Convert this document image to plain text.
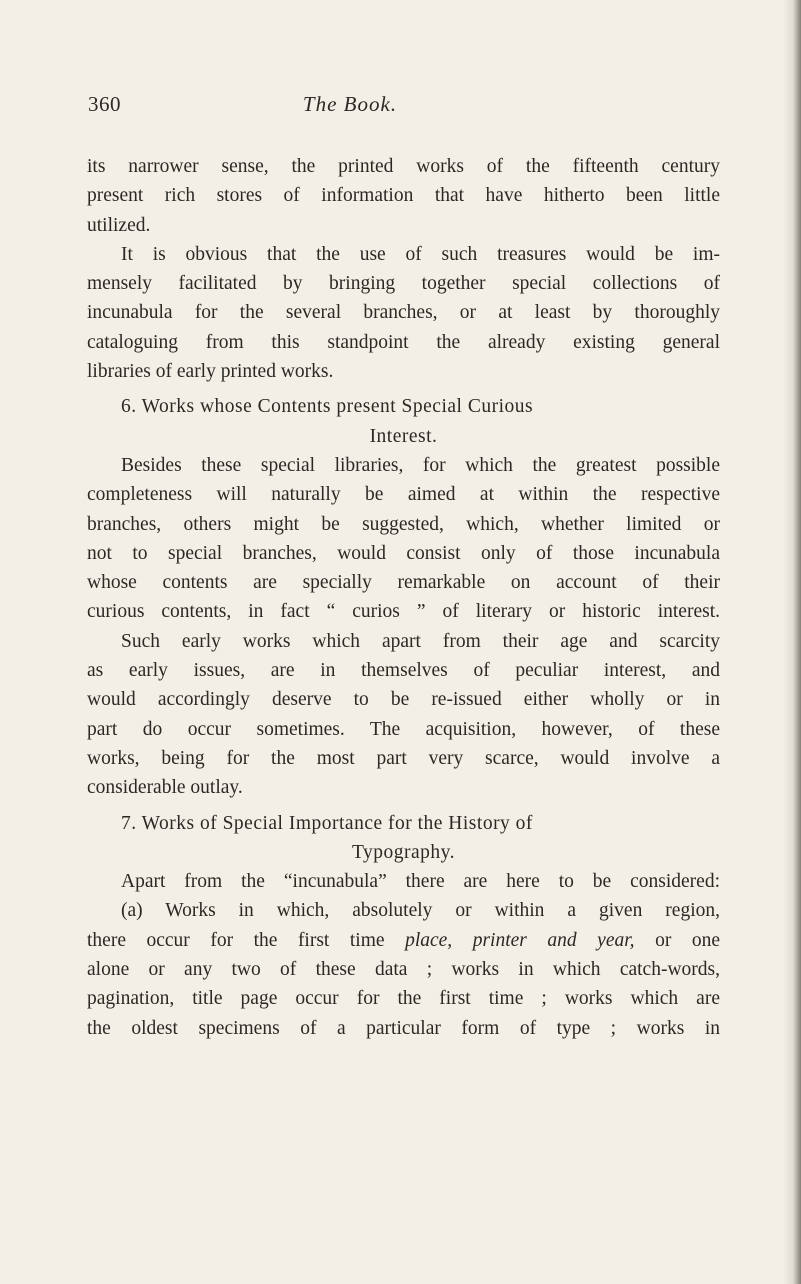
360	The Book.
its narrower sense, the printed works of the fifteenth century
present rich stores of information that have hitherto been little
utilized.
It is obvious that the use of such treasures would be im-
mensely facilitated by bringing together special collections of
incunabula for the several branches, or at least by thoroughly
cataloguing from this standpoint the already existing general
libraries of early printed works.
6. Works whose Contents present Special Curious
Interest.
Besides these special libraries, for which the greatest possible
completeness will naturally be aimed at within the respective
branches, others might be suggested, which, whether limited or
not to special branches, would consist only of those incunabula
whose contents are specially remarkable on account of their
curious contents, in fact “ curios ” of literary or historic interest.
Such early works which apart from their age and scarcity
as early issues, are in themselves of peculiar interest, and
would accordingly deserve to be re-issued either wholly or in
part do occur sometimes. The acquisition, however, of these
works, being for the most part very scarce, would involve a
considerable outlay.
7. Works of Special Importance for the History of
Typography.
Apart from the “incunabula” there are here to be considered:
(a) Works in which, absolutely or within a given region,
there occur for the first time place, printer and year, or one
alone or any two of these data ; works in which catch-words,
pagination, title page occur for the first time ; works which are
the oldest specimens of a particular form of type ; works in
